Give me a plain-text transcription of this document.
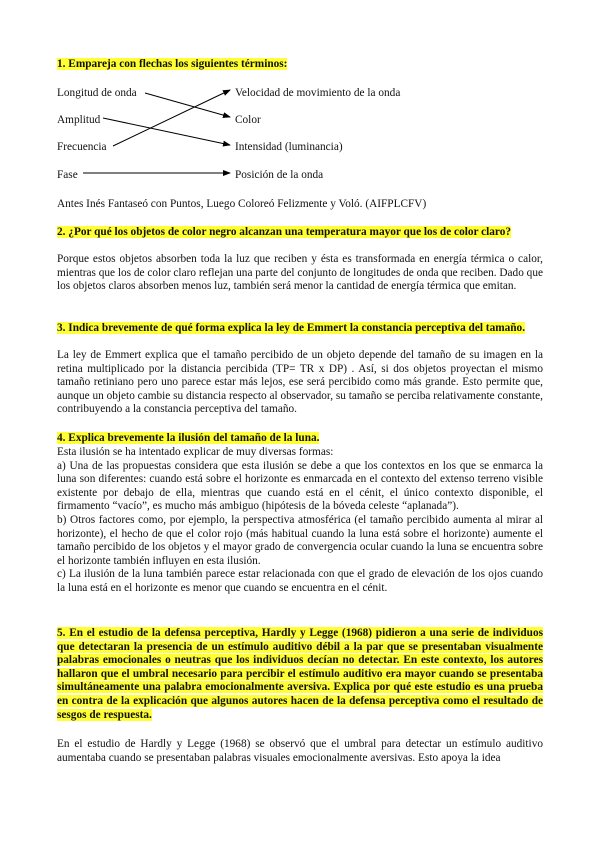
1. Empareja con flechas los siguientes términos:

Longitud de onda
Amplitud
Frecuencia
Fase
Velocidad de movimiento de la onda
Color
Intensidad (luminancia)
Posición de la onda

Antes Inés Fantaseó con Puntos, Luego Coloreó Felizmente y Voló. (AIFPLCFV)

2. ¿Por qué los objetos de color negro alcanzan una temperatura mayor que los de color claro?

Porque estos objetos absorben toda la luz que reciben y ésta es transformada en energía térmica o calor, mientras que los de color claro reflejan una parte del conjunto de longitudes de onda que reciben. Dado que los objetos claros absorben menos luz, también será menor la cantidad de energía térmica que emitan.

3. Indica brevemente de qué forma explica la ley de Emmert la constancia perceptiva del tamaño.

La ley de Emmert explica que el tamaño percibido de un objeto depende del tamaño de su imagen en la retina multiplicado por la distancia percibida (TP= TR x DP) . Así, si dos objetos proyectan el mismo tamaño retiniano pero uno parece estar más lejos, ese será percibido como más grande. Esto permite que, aunque un objeto cambie su distancia respecto al observador, su tamaño se perciba relativamente constante, contribuyendo a la constancia perceptiva del tamaño.

4. Explica brevemente la ilusión del tamaño de la luna.

Esta ilusión se ha intentado explicar de muy diversas formas:

a) Una de las propuestas considera que esta ilusión se debe a que los contextos en los que se enmarca la luna son diferentes: cuando está sobre el horizonte es enmarcada en el contexto del extenso terreno visible existente por debajo de ella, mientras que cuando está en el cénit, el único contexto disponible, el firmamento “vacío”, es mucho más ambiguo (hipótesis de la bóveda celeste “aplanada”).

b) Otros factores como, por ejemplo, la perspectiva atmosférica (el tamaño percibido aumenta al mirar al horizonte), el hecho de que el color rojo (más habitual cuando la luna está sobre el horizonte) aumente el tamaño percibido de los objetos y el mayor grado de convergencia ocular cuando la luna se encuentra sobre el horizonte también influyen en esta ilusión.

c) La ilusión de la luna también parece estar relacionada con que el grado de elevación de los ojos cuando la luna está en el horizonte es menor que cuando se encuentra en el cénit.

5. En el estudio de la defensa perceptiva, Hardly y Legge (1968) pidieron a una serie de individuos que detectaran la presencia de un estímulo auditivo débil a la par que se presentaban visualmente palabras emocionales o neutras que los individuos decían no detectar. En este contexto, los autores hallaron que el umbral necesario para percibir el estímulo auditivo era mayor cuando se presentaba simultáneamente una palabra emocionalmente aversiva. Explica por qué este estudio es una prueba en contra de la explicación que algunos autores hacen de la defensa perceptiva como el resultado de sesgos de respuesta.

En el estudio de Hardly y Legge (1968) se observó que el umbral para detectar un estímulo auditivo aumentaba cuando se presentaban palabras visuales emocionalmente aversivas. Esto apoya la idea
